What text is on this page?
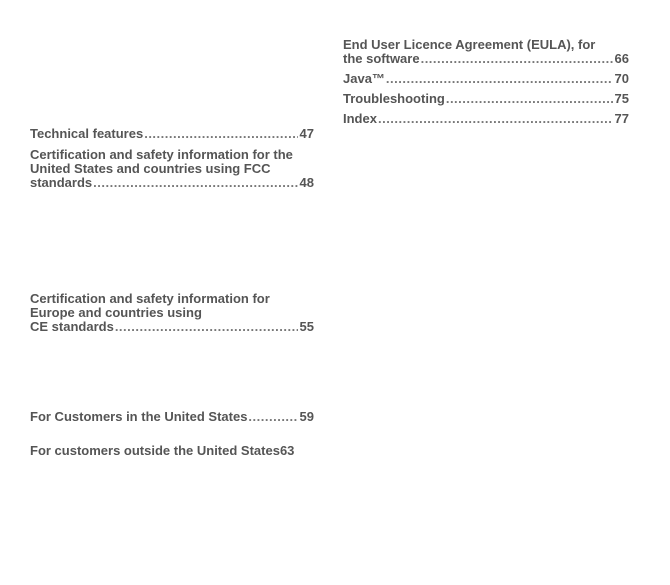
Technical features .....	47
Certification and safety information for the
United States and countries using FCC
standards .....	48
Certification and safety information for
Europe and countries using
CE standards .....	55
For Customers in the United States .....	59
For customers outside the United States 63
End User Licence Agreement (EULA), for
the software .....	66
Java™ .....	70
Troubleshooting .....	75
Index .....	77
